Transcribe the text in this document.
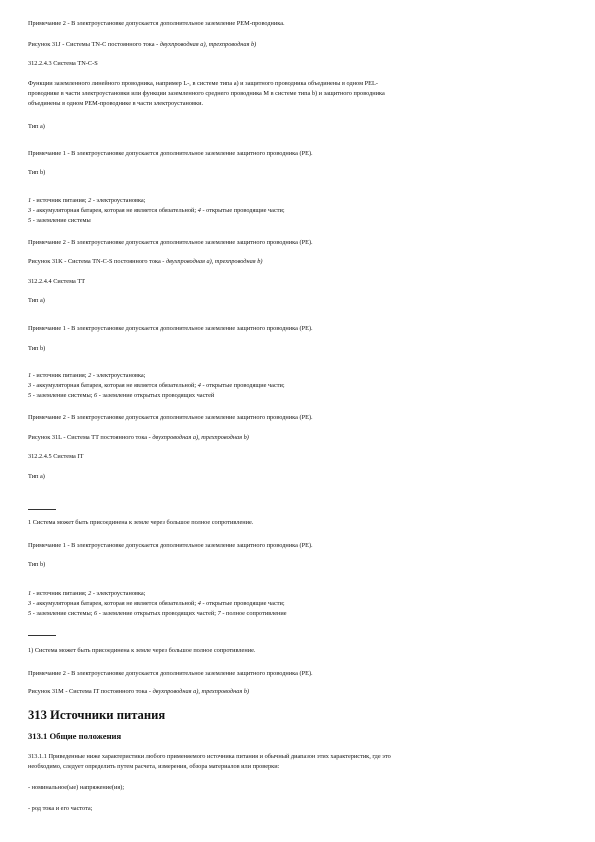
Примечание 2 - В электроустановке допускается дополнительное заземление PEM-проводника.
Рисунок 31J - Системы TN-C постоянного тока - двухпроводная a), трехпроводная b)
312.2.4.3 Система TN-C-S
Функции заземленного линейного проводника, например L-, в системе типа a) и защитного проводника объединены в одном PEL-
проводнике в части электроустановки или функции заземленного среднего проводника M в системе типа b) и защитного проводника
объединены в одном PEM-проводнике в части электроустановки.
Тип a)
Примечание 1 - В электроустановке допускается дополнительное заземление защитного проводника (PE).
Тип b)
1 - источник питания; 2 - электроустановка;
3 - аккумуляторная батарея, которая не является обязательной; 4 - открытые проводящие части;
5 - заземление системы
Примечание 2 - В электроустановке допускается дополнительное заземление защитного проводника (PE).
Рисунок 31K - Система TN-C-S постоянного тока - двухпроводная a), трехпроводная b)
312.2.4.4 Система TT
Тип a)
Примечание 1 - В электроустановке допускается дополнительное заземление защитного проводника (PE).
Тип b)
1 - источник питания; 2 - электроустановка;
3 - аккумуляторная батарея, которая не является обязательной; 4 - открытые проводящие части;
5 - заземление системы; 6 - заземление открытых проводящих частей
Примечание 2 - В электроустановке допускается дополнительное заземление защитного проводника (PE).
Рисунок 31L - Система TT постоянного тока - двухпроводная a), трехпроводная b)
312.2.4.5 Система IT
Тип a)
1 Система может быть присоединена к земле через большое полное сопротивление.
Примечание 1 - В электроустановке допускается дополнительное заземление защитного проводника (PE).
Тип b)
1 - источник питания; 2 - электроустановка;
3 - аккумуляторная батарея, которая не является обязательной; 4 - открытые проводящие части;
5 - заземление системы; 6 - заземление открытых проводящих частей; 7 - полное сопротивление
1) Система может быть присоединена к земле через большое полное сопротивление.
Примечание 2 - В электроустановке допускается дополнительное заземление защитного проводника (PE).
Рисунок 31M - Система IT постоянного тока - двухпроводная a), трехпроводная b)
313 Источники питания
313.1 Общие положения
313.1.1 Приведенные ниже характеристики любого применяемого источника питания и обычный диапазон этих характеристик, где это
необходимо, следует определить путем расчета, измерения, обзора материалов или проверки:
- номинальное(ые) напряжение(ия);
- род тока и его частота;
